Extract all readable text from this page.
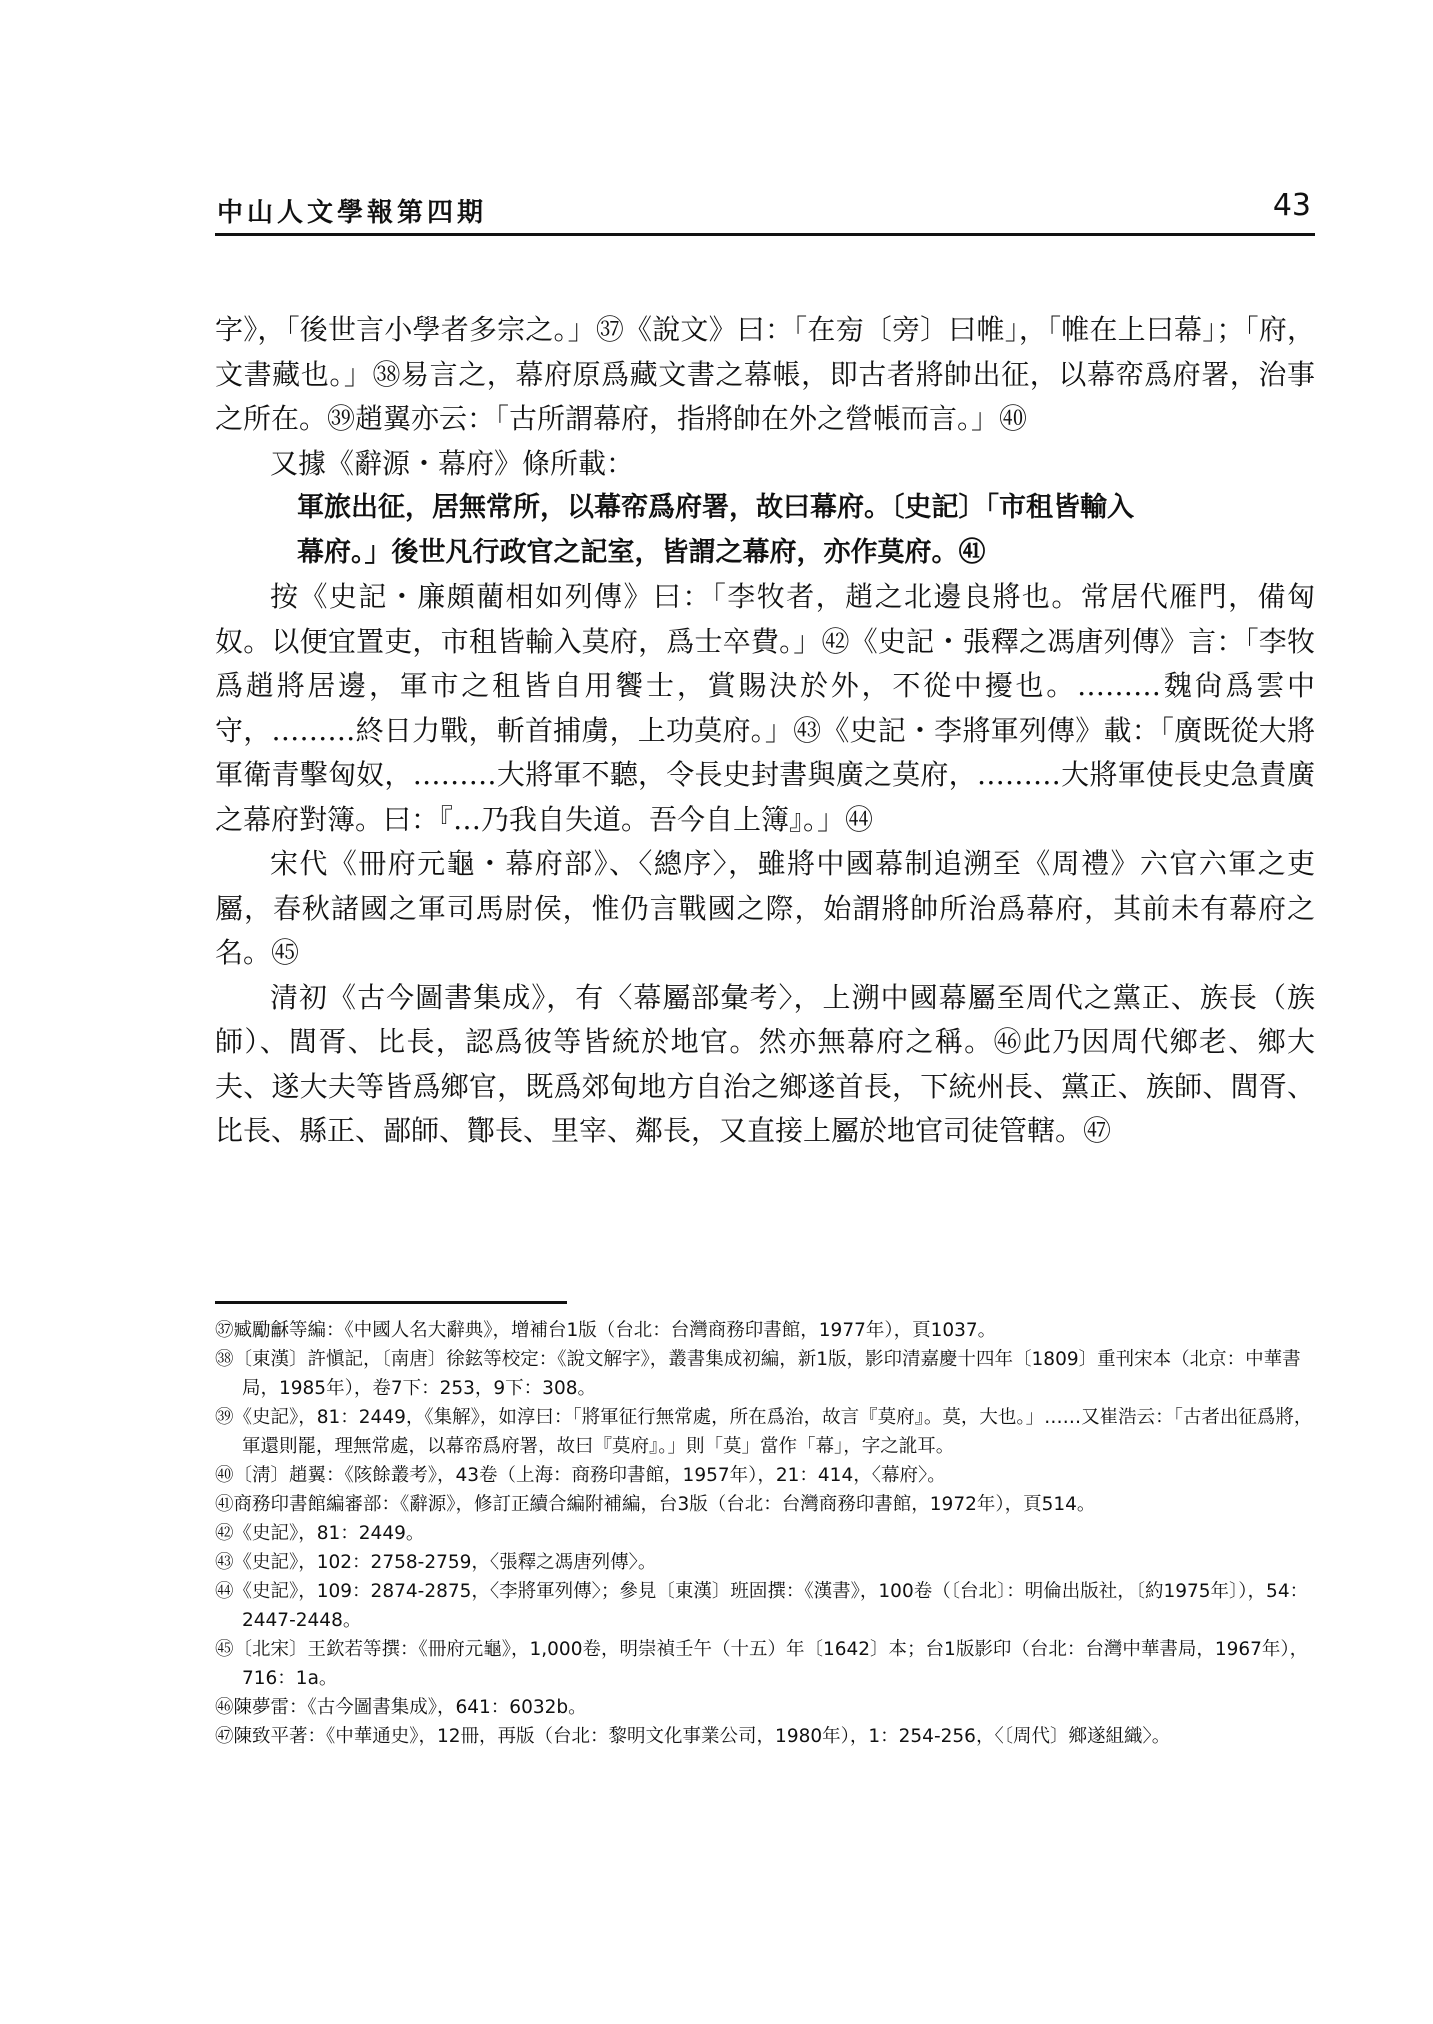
中山人文學報第四期	43

字》，「後世言小學者多宗之。」㊲《說文》曰：「在㫄〔旁〕曰帷」，「帷在上曰幕」；「府，文書藏也。」㊳易言之，幕府原爲藏文書之幕帳，即古者將帥出征，以幕帟爲府署，治事之所在。㊴趙翼亦云：「古所謂幕府，指將帥在外之營帳而言。」㊵

又據《辭源・幕府》條所載：

軍旅出征，居無常所，以幕帟爲府署，故曰幕府。〔史記〕「市租皆輸入
幕府。」後世凡行政官之記室，皆謂之幕府，亦作莫府。㊶

按《史記・廉頗藺相如列傳》曰：「李牧者，趙之北邊良將也。常居代雁門，備匈奴。以便宜置吏，市租皆輸入莫府，爲士卒費。」㊷《史記・張釋之馮唐列傳》言：「李牧爲趙將居邊，軍市之租皆自用饗士，賞賜決於外，不從中擾也。………魏尙爲雲中守，………終日力戰，斬首捕虜，上功莫府。」㊸《史記・李將軍列傳》載：「廣既從大將軍衛青擊匈奴，………大將軍不聽，令長史封書與廣之莫府，………大將軍使長史急責廣之幕府對簿。曰：『…乃我自失道。吾今自上簿』。」㊹

宋代《冊府元龜・幕府部》、〈總序〉，雖將中國幕制追溯至《周禮》六官六軍之吏屬，春秋諸國之軍司馬尉侯，惟仍言戰國之際，始謂將帥所治爲幕府，其前未有幕府之名。㊺

清初《古今圖書集成》，有〈幕屬部彙考〉，上溯中國幕屬至周代之黨正、族長（族師）、閭胥、比長，認爲彼等皆統於地官。然亦無幕府之稱。㊻此乃因周代鄉老、鄉大夫、遂大夫等皆爲鄉官，既爲郊甸地方自治之鄉遂首長，下統州長、黨正、族師、閭胥、比長、縣正、鄙師、酇長、里宰、鄰長，又直接上屬於地官司徒管轄。㊼

㊲臧勵龢等編：《中國人名大辭典》，增補台1版（台北：台灣商務印書館，1977年），頁1037。

㊳〔東漢〕許愼記，〔南唐〕徐鉉等校定：《說文解字》，叢書集成初編，新1版，影印清嘉慶十四年〔1809〕重刊宋本（北京：中華書局，1985年），卷7下：253，9下：308。

㊴《史記》，81：2449，《集解》，如淳曰：「將軍征行無常處，所在爲治，故言『莫府』。莫，大也。」……又崔浩云：「古者出征爲將，軍還則罷，理無常處，以幕帟爲府署，故曰『莫府』。」則「莫」當作「幕」，字之訛耳。

㊵〔淸〕趙翼：《陔餘叢考》，43卷（上海：商務印書館，1957年），21：414，〈幕府〉。

㊶商務印書館編審部：《辭源》，修訂正續合編附補編，台3版（台北：台灣商務印書館，1972年），頁514。

㊷《史記》，81：2449。

㊸《史記》，102：2758-2759，〈張釋之馮唐列傳〉。

㊹《史記》，109：2874-2875，〈李將軍列傳〉；參見〔東漢〕班固撰：《漢書》，100卷（〔台北〕：明倫出版社，〔約1975年〕），54：2447-2448。

㊺〔北宋〕王欽若等撰：《冊府元龜》，1,000卷，明崇禎壬午（十五）年〔1642〕本；台1版影印（台北：台灣中華書局，1967年），716：1a。

㊻陳夢雷：《古今圖書集成》，641：6032b。

㊼陳致平著：《中華通史》，12冊，再版（台北：黎明文化事業公司，1980年），1：254-256，〈〔周代〕鄉遂組織〉。
